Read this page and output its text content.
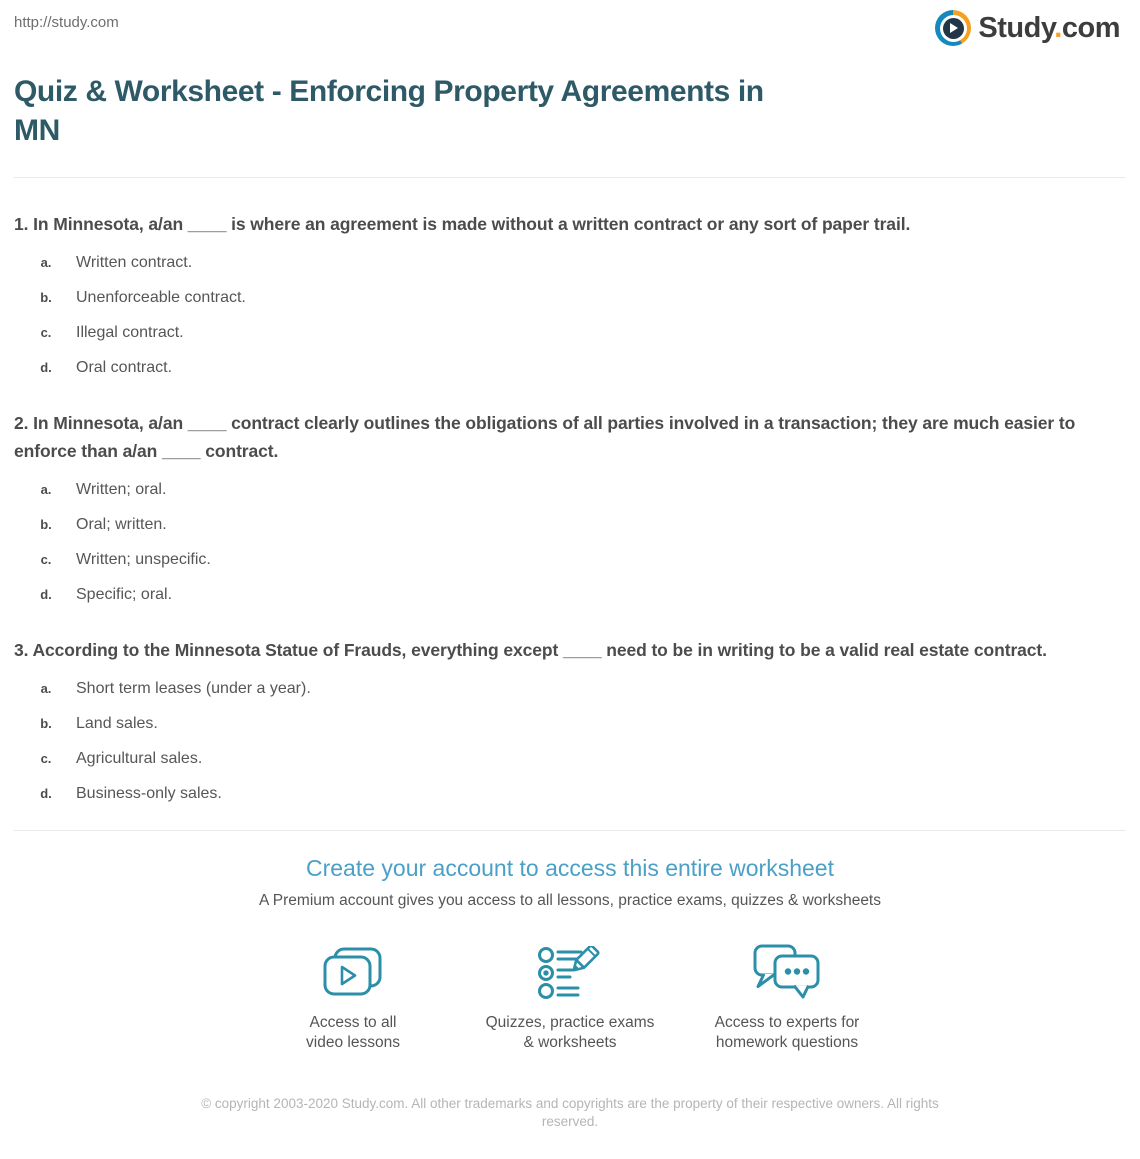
http://study.com	Study.com
Quiz & Worksheet - Enforcing Property Agreements in
MN
1. In Minnesota, a/an ____ is where an agreement is made without a written contract or any sort of paper trail.
a.	Written contract.
b.	Unenforceable contract.
c.	Illegal contract.
d.	Oral contract.
2. In Minnesota, a/an ____ contract clearly outlines the obligations of all parties involved in a transaction; they are much easier to enforce than a/an ____ contract.
a.	Written; oral.
b.	Oral; written.
c.	Written; unspecific.
d.	Specific; oral.
3. According to the Minnesota Statue of Frauds, everything except ____ need to be in writing to be a valid real estate contract.
a.	Short term leases (under a year).
b.	Land sales.
c.	Agricultural sales.
d.	Business-only sales.
Create your account to access this entire worksheet
A Premium account gives you access to all lessons, practice exams, quizzes & worksheets
Access to all
video lessons
Quizzes, practice exams
& worksheets
Access to experts for
homework questions
© copyright 2003-2020 Study.com. All other trademarks and copyrights are the property of their respective owners. All rights reserved.
